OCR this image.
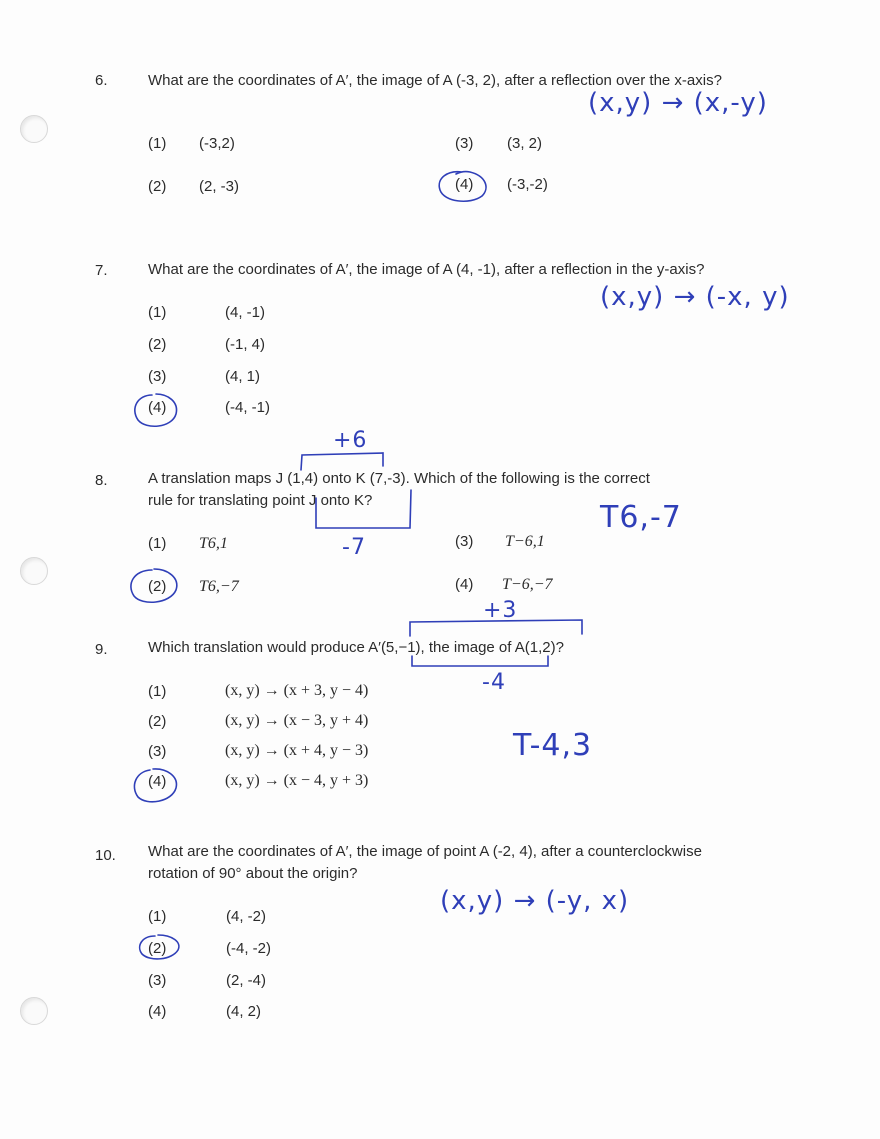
6.	What are the coordinates of A′, the image of A (-3, 2), after a reflection over the x-axis?
(x,y) → (x,-y)
(1) (-3,2)	(3) (3, 2)
(2) (2, -3)	(4) (-3,-2)
7.	What are the coordinates of A′, the image of A (4, -1), after a reflection in the y-axis?
(x,y) → (-x, y)
(1)	(4, -1)
(2)	(-1, 4)
(3)	(4, 1)
(4)	(-4, -1)
8.	A translation maps J (1,4) onto K (7,-3). Which of the following is the correct
rule for translating point J onto K?
+6
-7
T6,-7
(1) T6,1	(3) T−6,1
(2) T6,−7	(4) T−6,−7
9.	Which translation would produce A′(5,−1), the image of A(1,2)?
+3
-4
T-4,3
(1)	(x, y) → (x + 3, y − 4)
(2)	(x, y) → (x − 3, y + 4)
(3)	(x, y) → (x + 4, y − 3)
(4)	(x, y) → (x − 4, y + 3)
10. What are the coordinates of A′, the image of point A (-2, 4), after a counterclockwise
rotation of 90° about the origin?
(x,y) → (-y, x)
(1)	(4, -2)
(2)	(-4, -2)
(3)	(2, -4)
(4)	(4, 2)
